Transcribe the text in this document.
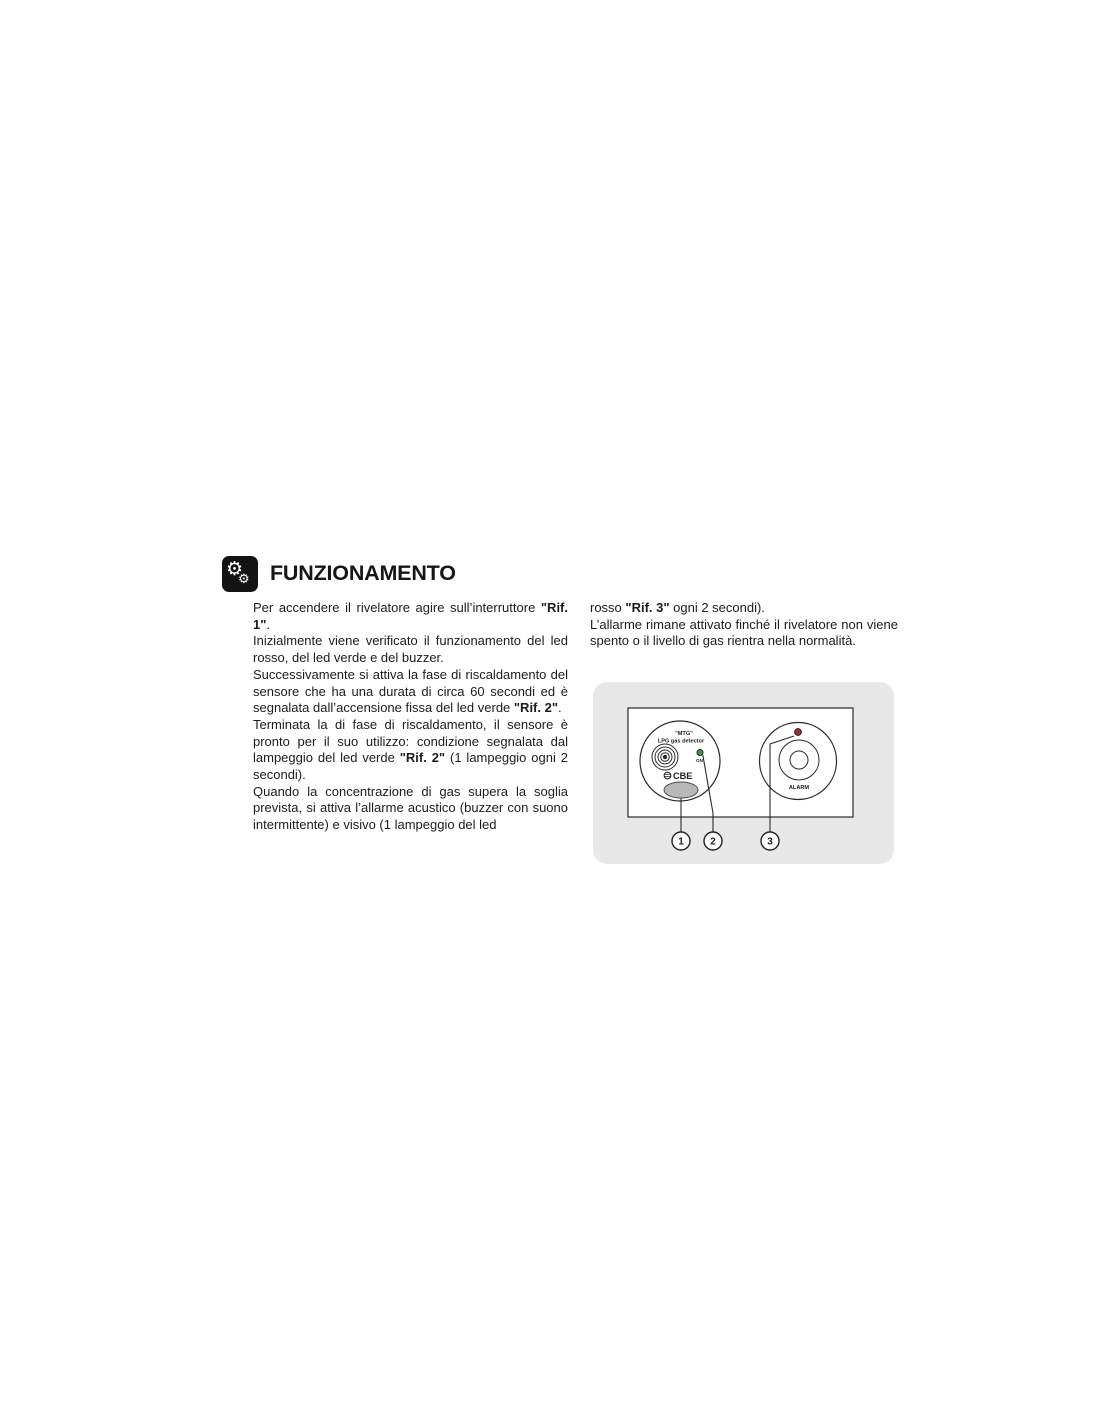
⚙
⚙ FUNZIONAMENTO

Per accendere il rivelatore agire sull’interruttore "Rif. 1".

Inizialmente viene verificato il funzionamento del led rosso, del led verde e del buzzer.

Successivamente si attiva la fase di riscaldamento del sensore che ha una durata di circa 60 secondi ed è segnalata dall’accensione fissa del led verde "Rif. 2".

Terminata la di fase di riscaldamento, il sensore è pronto per il suo utilizzo: condizione segnalata dal lampeggio del led verde "Rif. 2" (1 lampeggio ogni 2 secondi).

Quando la concentrazione di gas supera la soglia prevista, si attiva l’allarme acustico (buzzer con suono intermittente) e visivo (1 lampeggio del led

rosso "Rif. 3" ogni 2 secondi).

L’allarme rimane attivato finché il rivelatore non viene spento o il livello di gas rientra nella normalità.

"MTG"
LPG gas detector
ON
CBE
ALARM
1	2	3
